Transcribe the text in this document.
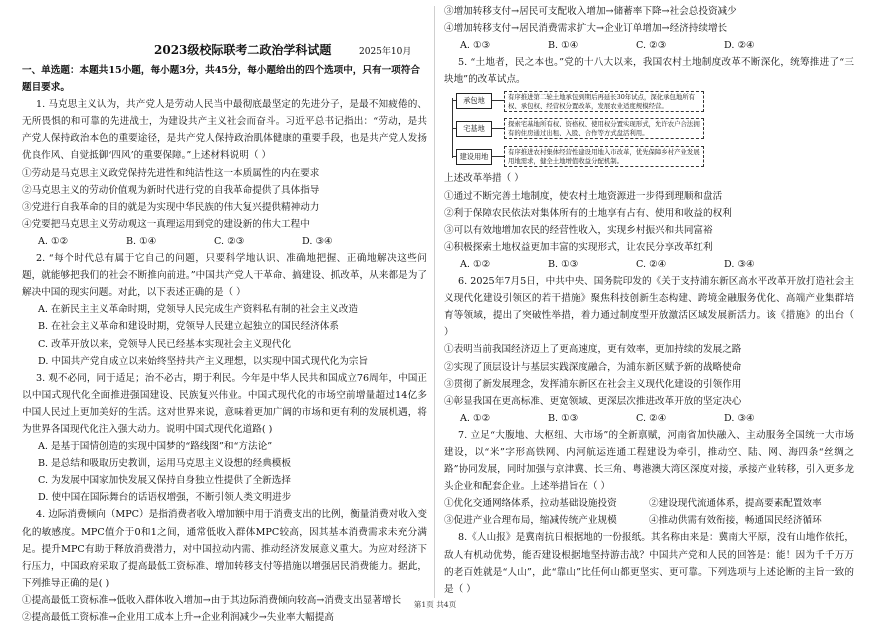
2023级校际联考二政治学科试题	2025年10月

一、单选题：本题共15小题，每小题3分，共45分，每小题给出的四个选项中，只有一项符合题目要求。

1. 马克思主义认为，共产党人是劳动人民当中最彻底最坚定的先进分子，是最不知疲倦的、无所畏惧的和可靠的先进战士，为建设共产主义社会而奋斗。习近平总书记指出：“劳动，是共产党人保持政治本色的重要途径，是共产党人保持政治肌体健康的重要手段，也是共产党人发扬优良作风、自觉抵御‘四风’的重要保障。”上述材料说明（ ）

①劳动是马克思主义政党保持先进性和纯洁性这一本质属性的内在要求

②马克思主义的劳动价值观为新时代进行党的自我革命提供了具体指导

③党进行自我革命的目的就是为实现中华民族的伟大复兴提供精神动力

④党要把马克思主义劳动观这一真理运用到党的建设新的伟大工程中

A. ①②	B. ①④	C. ②③	D. ③④

2. “每个时代总有属于它自己的问题，只要科学地认识、准确地把握、正确地解决这些问题，就能够把我们的社会不断推向前进。”中国共产党人干革命、搞建设、抓改革，从来都是为了解决中国的现实问题。对此，以下表述正确的是（ ）

A. 在新民主主义革命时期，党领导人民完成生产资料私有制的社会主义改造

B. 在社会主义革命和建设时期，党领导人民建立起独立的国民经济体系

C. 改革开放以来，党领导人民已经基本实现社会主义现代化

D. 中国共产党自成立以来始终坚持共产主义理想，以实现中国式现代化为宗旨

3. 观不必同，同于适足；治不必古，期于利民。今年是中华人民共和国成立76周年，中国正以中国式现代化全面推进强国建设、民族复兴伟业。中国式现代化的市场空前增量超过14亿多中国人民过上更加美好的生活。这对世界来说，意味着更加广阔的市场和更有利的发展机遇，将为世界各国现代化注入强大动力。说明中国式现代化道路( )

A. 是基于国情创造的实现中国梦的“路线图”和“方法论”

B. 是总结和吸取历史教训，运用马克思主义设想的经典模板

C. 为发展中国家加快发展又保持自身独立性提供了全新选择

D. 使中国在国际舞台的话语权增强，不断引领人类文明进步

4. 边际消费倾向（MPC）是指消费者收入增加额中用于消费支出的比例，衡量消费对收入变化的敏感度。MPC值介于0和1之间，通常低收入群体MPC较高，因其基本消费需求未充分满足。提升MPC有助于释放消费潜力，对中国拉动内需、推动经济发展意义重大。为应对经济下行压力，中国政府采取了提高最低工资标准、增加转移支付等措施以增强居民消费能力。据此，下列推导正确的是( )

①提高最低工资标准→低收入群体收入增加→由于其边际消费倾向较高→消费支出显著增长

②提高最低工资标准→企业用工成本上升→企业利润减少→失业率大幅提高

③增加转移支付→居民可支配收入增加→储蓄率下降→社会总投资减少

④增加转移支付→居民消费需求扩大→企业订单增加→经济持续增长

A. ①③	B. ①④	C. ②③	D. ②④

5. “土地者，民之本也。”党的十八大以来，我国农村土地制度改革不断深化，统筹推进了“三块地”的改革试点。

承包地	有序推进第二轮土地承包到期后再延长30年试点，深化承包地所有权、承包权、经营权分置改革，发展农业适度规模经营。
宅基地	探索宅基地所有权、资格权、使用权分置实现形式，允许农户合法拥有的住房通过出租、入股、合作等方式盘活利用。
建设用地	有序推进农村集体经营性建设用地入市改革，优先保障乡村产业发展用地需求，健全土地增值收益分配机制。

上述改革举措（ ）

①通过不断完善土地制度，使农村土地资源进一步得到理顺和盘活

②利于保障农民依法对集体所有的土地享有占有、使用和收益的权利

③可以有效地增加农民的经营性收入，实现乡村振兴和共同富裕

④积极探索土地权益更加丰富的实现形式，让农民分享改革红利

A. ①②	B. ①③	C. ②④	D. ③④

6. 2025年7月5日，中共中央、国务院印发的《关于支持浦东新区高水平改革开放打造社会主义现代化建设引领区的若干措施》聚焦科技创新生态构建、跨境金融服务优化、高端产业集群培育等领域，提出了突破性举措，着力通过制度型开放激活区域发展新活力。该《措施》的出台（ ）

①表明当前我国经济迈上了更高速度，更有效率，更加持续的发展之路

②实现了顶层设计与基层实践深度融合，为浦东新区赋予新的战略使命

③贯彻了新发展理念，发挥浦东新区在社会主义现代化建设的引领作用

④彰显我国在更高标准、更宽领域、更深层次推进改革开放的坚定决心

A. ①②	B. ①③	C. ②④	D. ③④

7. 立足“大腹地、大枢纽、大市场”的全新禀赋，河南省加快融入、主动服务全国统一大市场建设，以“米”字形高铁网、内河航运连通工程建设为牵引，推动空、陆、网、海四条“丝绸之路”协同发展，同时加强与京津冀、长三角、粤港澳大湾区深度对接，承接产业转移，引入更多龙头企业和配套企业。上述举措旨在（ ）

①优化交通网络体系，拉动基础设施投资	②建设现代流通体系，提高要素配置效率
③促进产业合理布局，缩减传统产业规模	④推动供需有效衔接，畅通国民经济循环

8.《人山报》是冀南抗日根据地的一份报纸。其名称由来是：冀南大平原，没有山地作依托，敌人有机动优势，能否建设根据地坚持游击战？中国共产党和人民的回答是：能！因为千千万万的老百姓就是“人山”，此“靠山”比任何山都更坚实、更可靠。下列选项与上述论断的主旨一致的是（ ）

第1页 共4页
